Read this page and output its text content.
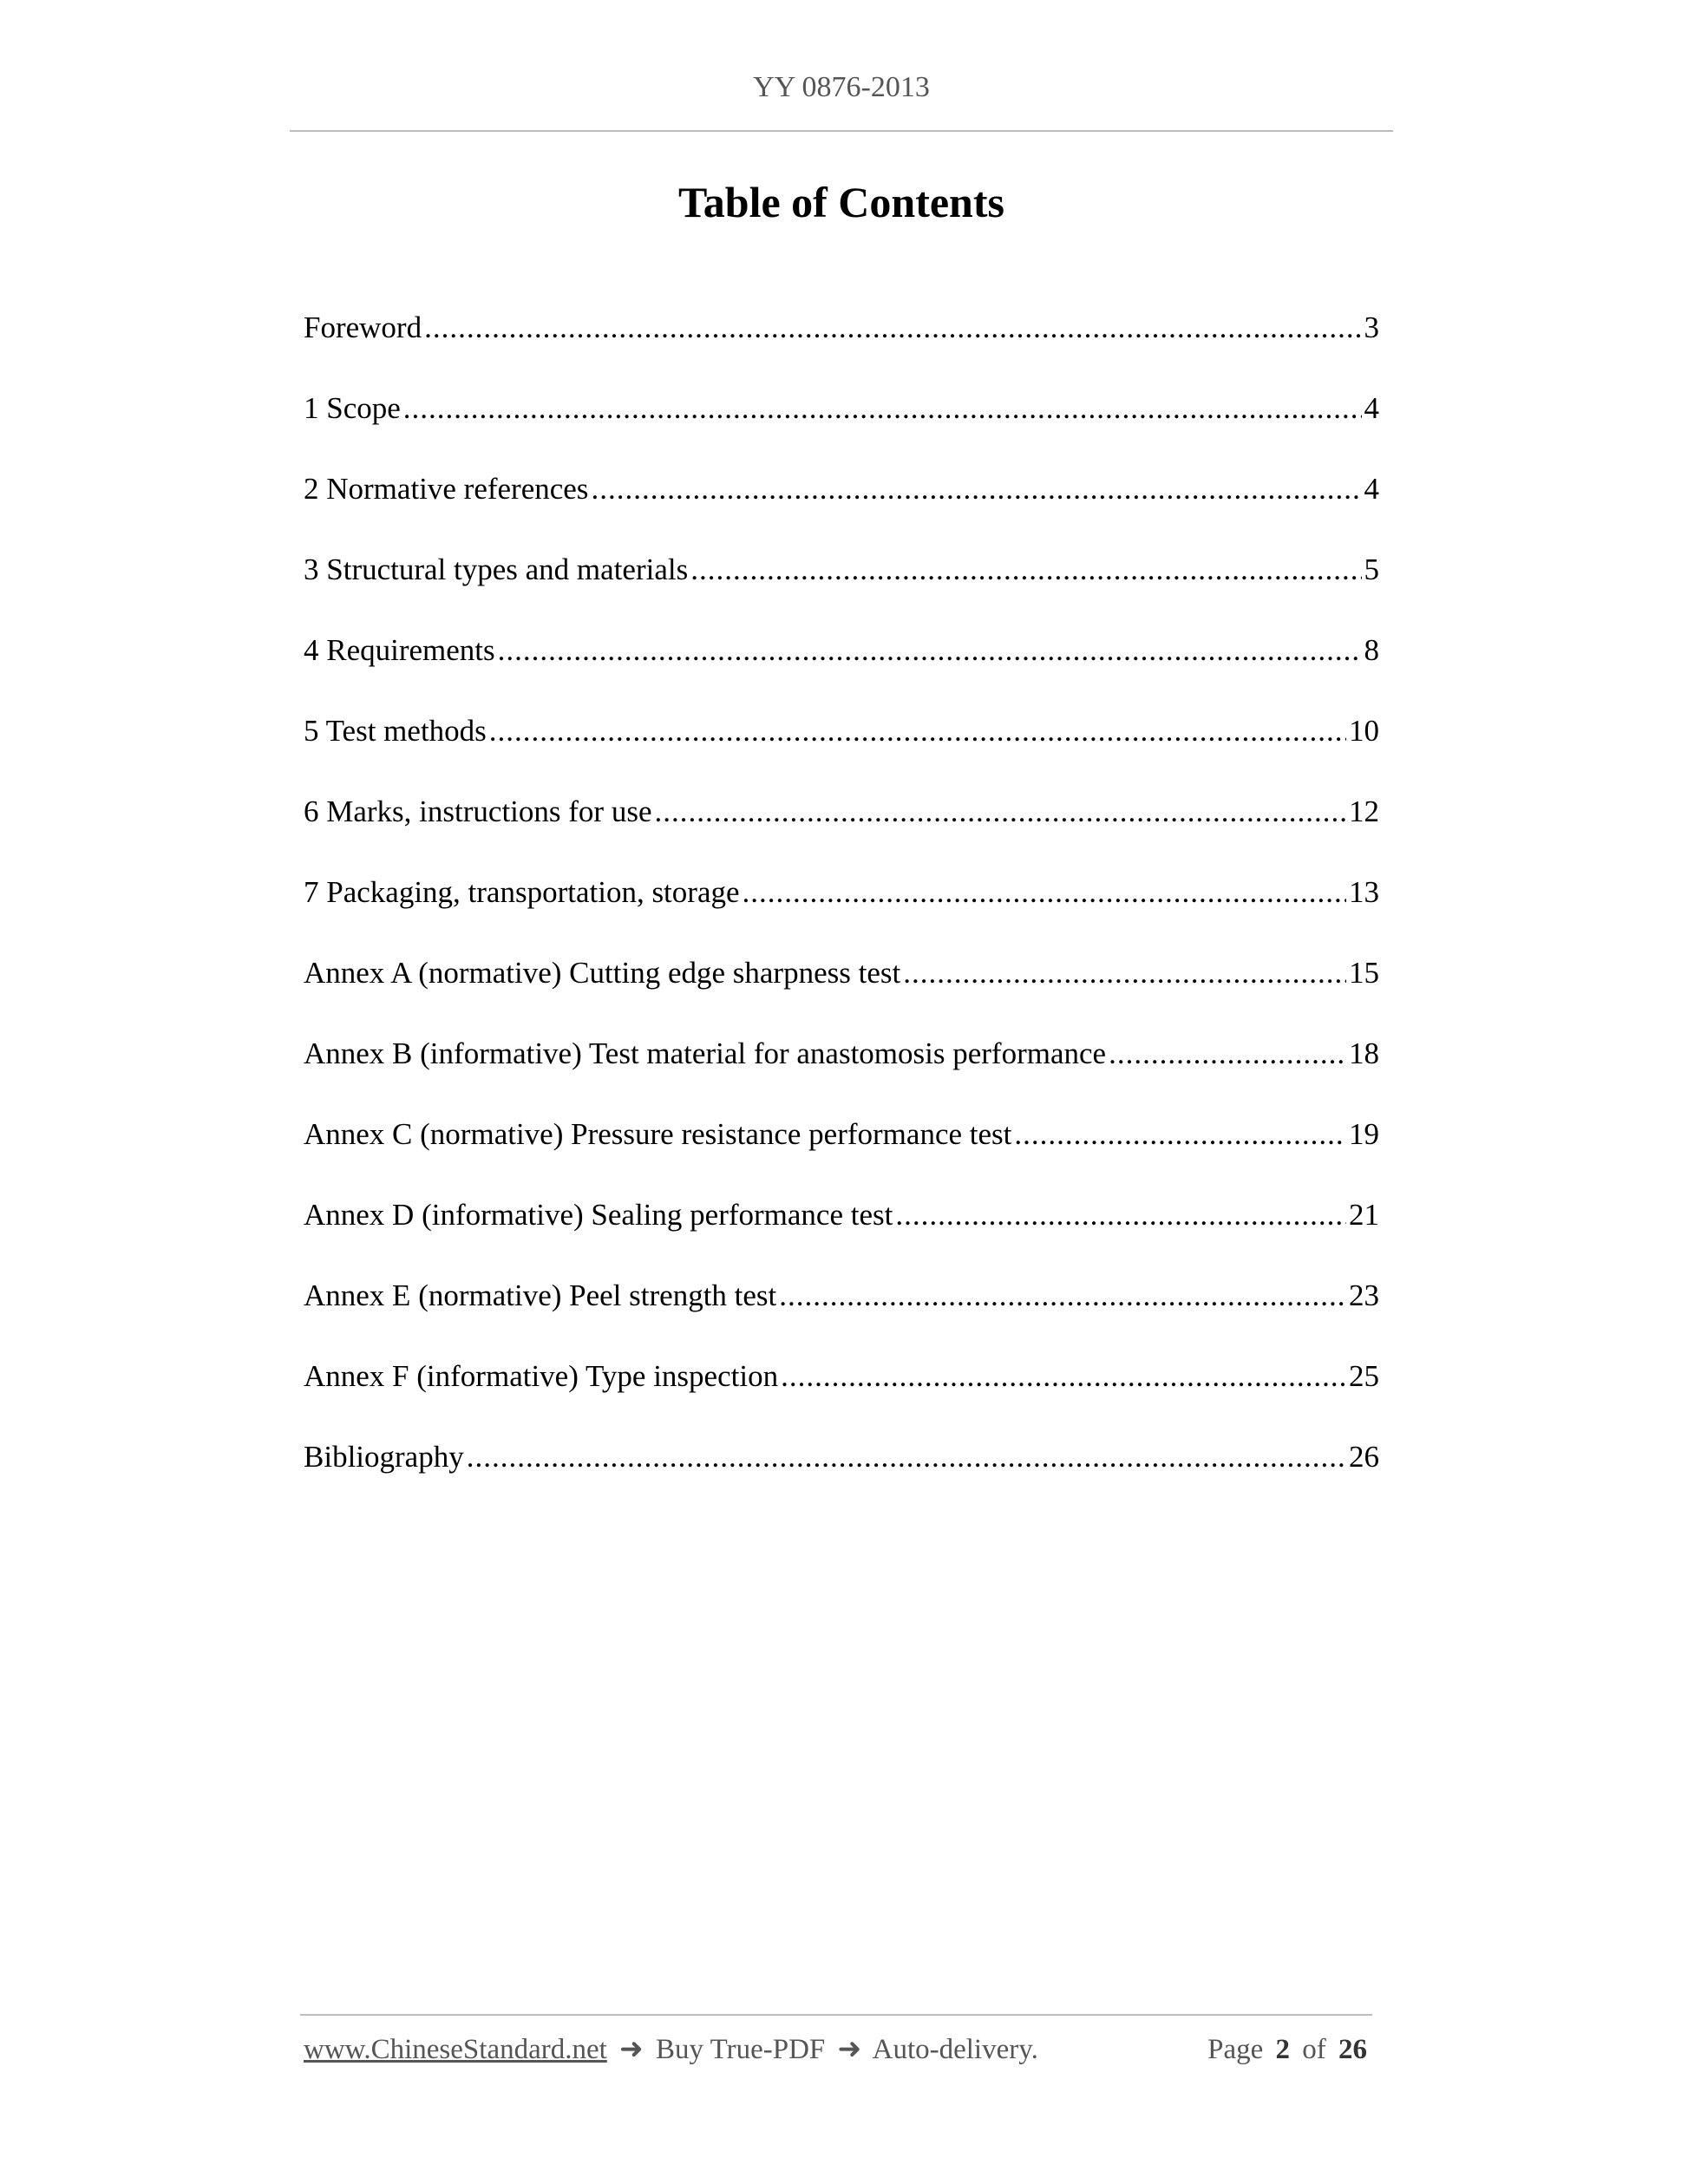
YY 0876-2013
Table of Contents
Foreword .....	3
1 Scope .....	4
2 Normative references .....	4
3 Structural types and materials .....	5
4 Requirements .....	8
5 Test methods .....	10
6 Marks, instructions for use .....	12
7 Packaging, transportation, storage .....	13
Annex A (normative) Cutting edge sharpness test .....	15
Annex B (informative) Test material for anastomosis performance .....	18
Annex C (normative) Pressure resistance performance test .....	19
Annex D (informative) Sealing performance test .....	21
Annex E (normative) Peel strength test .....	23
Annex F (informative) Type inspection .....	25
Bibliography .....	26
www.ChineseStandard.net ➜ Buy True-PDF ➜ Auto-delivery.	Page 2 of 26
